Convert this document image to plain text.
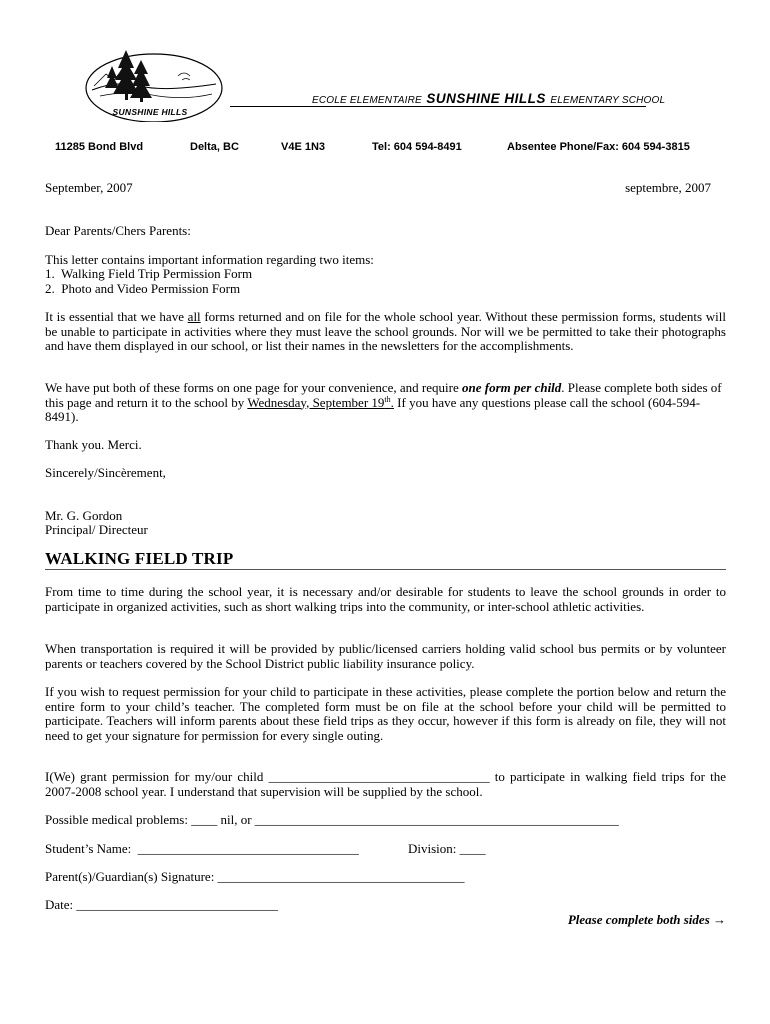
SUNSHINE HILLS
ECOLE ELEMENTAIRE SUNSHINE HILLS ELEMENTARY SCHOOL
11285 Bond Blvd	Delta, BC	V4E 1N3	Tel: 604 594-8491	Absentee Phone/Fax: 604 594-3815
September, 2007	septembre, 2007
Dear Parents/Chers Parents:
This letter contains important information regarding two items:
1.  Walking Field Trip Permission Form
2.  Photo and Video Permission Form

It is essential that we have all forms returned and on file for the whole school year. Without these permission forms, students will be unable to participate in activities where they must leave the school grounds. Nor will we be permitted to take their photographs and have them displayed in our school, or list their names in the newsletters for the accomplishments.

We have put both of these forms on one page for your convenience, and require one form per child. Please complete both sides of this page and return it to the school by Wednesday, September 19th. If you have any questions please call the school (604-594-8491).

Thank you. Merci.
Sincerely/Sincèrement,
Mr. G. Gordon
Principal/ Directeur
WALKING FIELD TRIP

From time to time during the school year, it is necessary and/or desirable for students to leave the school grounds in order to participate in organized activities, such as short walking trips into the community, or inter-school athletic activities.

When transportation is required it will be provided by public/licensed carriers holding valid school bus permits or by volunteer parents or teachers covered by the School District public liability insurance policy.

If you wish to request permission for your child to participate in these activities, please complete the portion below and return the entire form to your child’s teacher. The completed form must be on file at the school before your child will be permitted to participate. Teachers will inform parents about these field trips as they occur, however if this form is already on file, they will not need to get your signature for permission for every single outing.

I(We) grant permission for my/our child __________________________________ to participate in walking field trips for the 2007-2008 school year. I understand that supervision will be supplied by the school.

Possible medical problems: ____ nil, or ________________________________________________________
Student’s Name:  __________________________________	Division: ____
Parent(s)/Guardian(s) Signature: ______________________________________
Date: _______________________________
Please complete both sides →
